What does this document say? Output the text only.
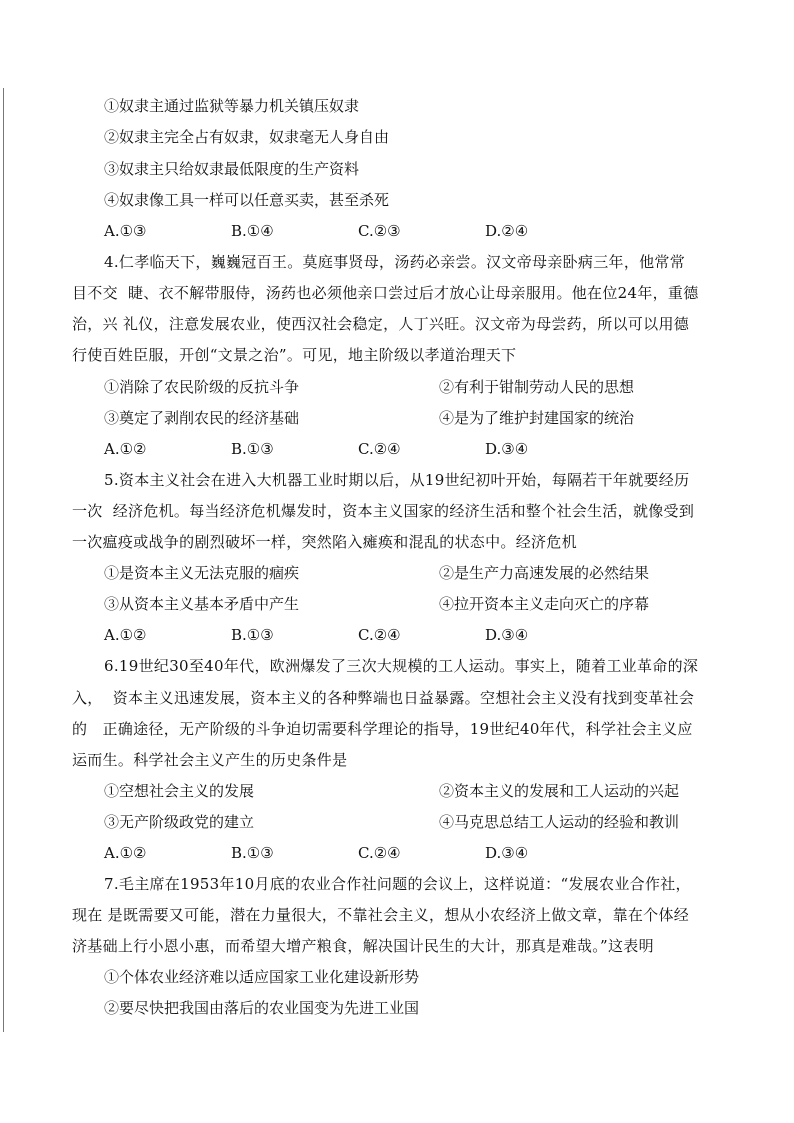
①奴隶主通过监狱等暴力机关镇压奴隶
②奴隶主完全占有奴隶，奴隶毫无人身自由
③奴隶主只给奴隶最低限度的生产资料
④奴隶像工具一样可以任意买卖，甚至杀死
A.①③	B.①④	C.②③	D.②④
4.仁孝临天下，巍巍冠百王。莫庭事贤母，汤药必亲尝。汉文帝母亲卧病三年，他常常
目不交  睫、衣不解带服侍，汤药也必须他亲口尝过后才放心让母亲服用。他在位24年，重德
治，兴 礼仪，注意发展农业，使西汉社会稳定，人丁兴旺。汉文帝为母尝药，所以可以用德
行使百姓臣服，开创“文景之治”。可见，地主阶级以孝道治理天下
①消除了农民阶级的反抗斗争	②有利于钳制劳动人民的思想
③奠定了剥削农民的经济基础	④是为了维护封建国家的统治
A.①②	B.①③	C.②④	D.③④
5.资本主义社会在进入大机器工业时期以后，从19世纪初叶开始，每隔若干年就要经历
一次  经济危机。每当经济危机爆发时，资本主义国家的经济生活和整个社会生活，就像受到
一次瘟疫或战争的剧烈破坏一样，突然陷入瘫痪和混乱的状态中。经济危机
①是资本主义无法克服的痼疾	②是生产力高速发展的必然结果
③从资本主义基本矛盾中产生	④拉开资本主义走向灭亡的序幕
A.①②	B.①③	C.②④	D.③④
6.19世纪30至40年代，欧洲爆发了三次大规模的工人运动。事实上，随着工业革命的深
入，  资本主义迅速发展，资本主义的各种弊端也日益暴露。空想社会主义没有找到变革社会
的   正确途径，无产阶级的斗争迫切需要科学理论的指导，19世纪40年代，科学社会主义应
运而生。科学社会主义产生的历史条件是
①空想社会主义的发展	②资本主义的发展和工人运动的兴起
③无产阶级政党的建立	④马克思总结工人运动的经验和教训
A.①②	B.①③	C.②④	D.③④
7.毛主席在1953年10月底的农业合作社问题的会议上，这样说道：“发展农业合作社，
现在 是既需要又可能，潜在力量很大，不靠社会主义，想从小农经济上做文章，靠在个体经
济基础上行小恩小惠，而希望大增产粮食，解决国计民生的大计，那真是难哉。”这表明
①个体农业经济难以适应国家工业化建设新形势
②要尽快把我国由落后的农业国变为先进工业国
